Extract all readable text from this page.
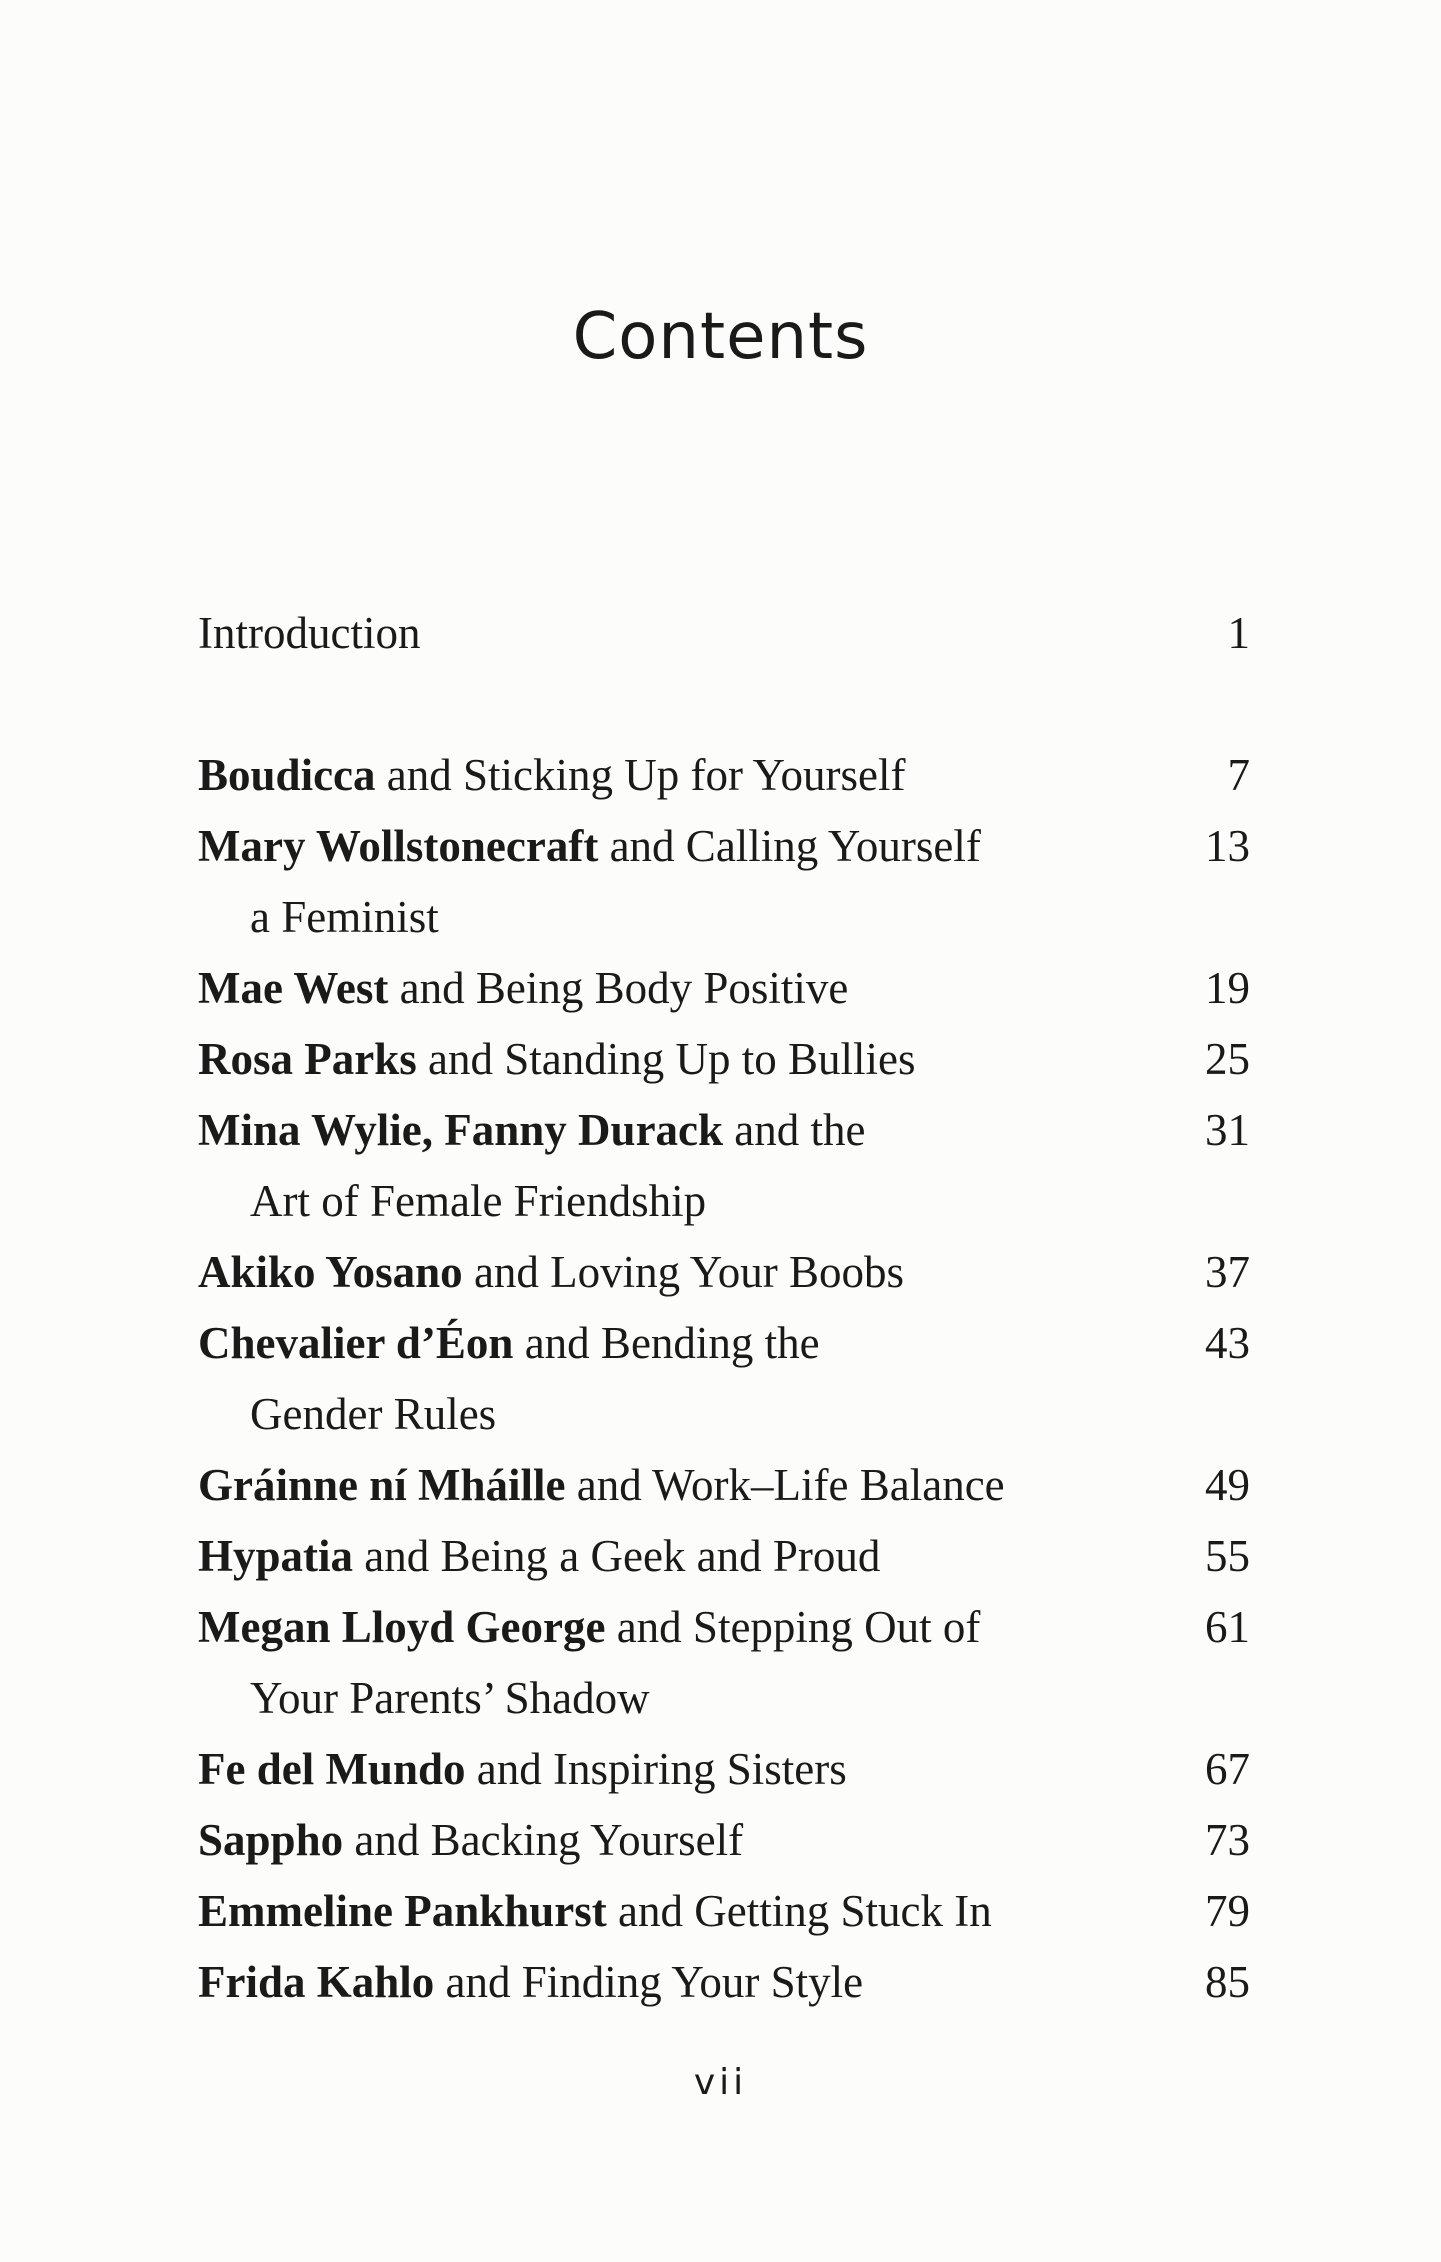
Contents
Introduction	1
Boudicca and Sticking Up for Yourself	7
Mary Wollstonecraft and Calling Yourself	13
a Feminist
Mae West and Being Body Positive	19
Rosa Parks and Standing Up to Bullies	25
Mina Wylie, Fanny Durack and the	31
Art of Female Friendship
Akiko Yosano and Loving Your Boobs	37
Chevalier d’Éon and Bending the	43
Gender Rules
Gráinne ní Mháille and Work–Life Balance	49
Hypatia and Being a Geek and Proud	55
Megan Lloyd George and Stepping Out of	61
Your Parents’ Shadow
Fe del Mundo and Inspiring Sisters	67
Sappho and Backing Yourself	73
Emmeline Pankhurst and Getting Stuck In	79
Frida Kahlo and Finding Your Style	85
vii
